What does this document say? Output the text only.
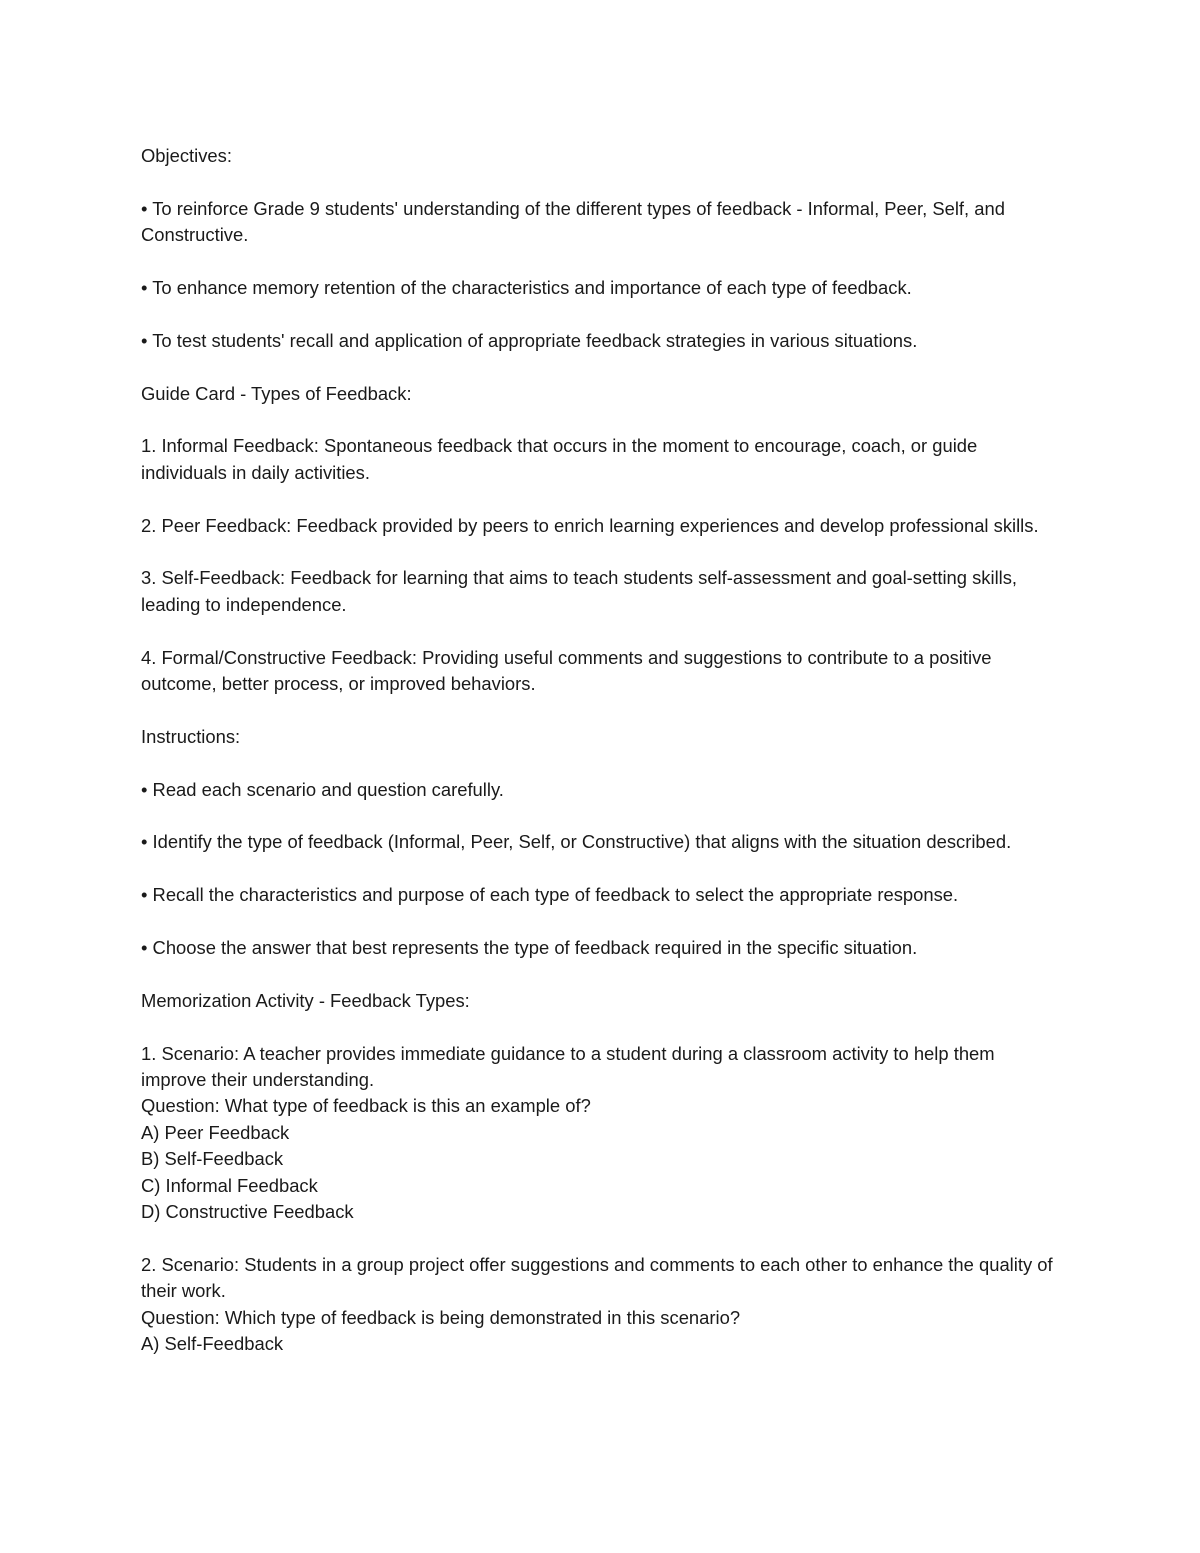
Objectives:

• To reinforce Grade 9 students' understanding of the different types of feedback - Informal, Peer, Self, and Constructive.

• To enhance memory retention of the characteristics and importance of each type of feedback.

• To test students' recall and application of appropriate feedback strategies in various situations.

Guide Card - Types of Feedback:

1. Informal Feedback: Spontaneous feedback that occurs in the moment to encourage, coach, or guide individuals in daily activities.

2. Peer Feedback: Feedback provided by peers to enrich learning experiences and develop professional skills.

3. Self-Feedback: Feedback for learning that aims to teach students self-assessment and goal-setting skills, leading to independence.

4. Formal/Constructive Feedback: Providing useful comments and suggestions to contribute to a positive outcome, better process, or improved behaviors.

Instructions:

• Read each scenario and question carefully.

• Identify the type of feedback (Informal, Peer, Self, or Constructive) that aligns with the situation described.

• Recall the characteristics and purpose of each type of feedback to select the appropriate response.

• Choose the answer that best represents the type of feedback required in the specific situation.

Memorization Activity - Feedback Types:

1. Scenario: A teacher provides immediate guidance to a student during a classroom activity to help them improve their understanding.
Question: What type of feedback is this an example of?
A) Peer Feedback
B) Self-Feedback
C) Informal Feedback
D) Constructive Feedback
2. Scenario: Students in a group project offer suggestions and comments to each other to enhance the quality of their work.
Question: Which type of feedback is being demonstrated in this scenario?
A) Self-Feedback
